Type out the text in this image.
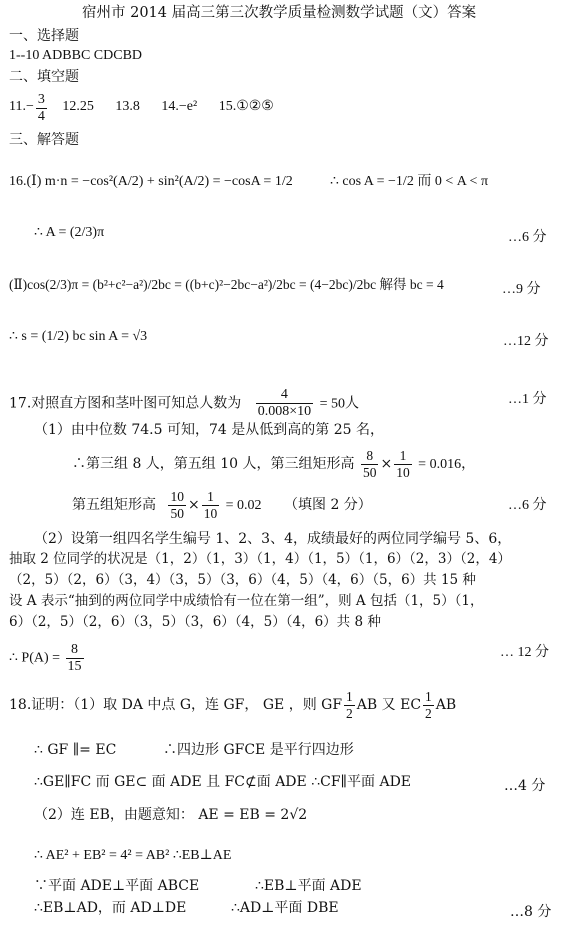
宿州市 2014 届高三第三次教学质量检测数学试题（文）答案
一、选择题
1--10 ADBBC CDCBD
二、填空题
$11.- \frac{3}{4} 12.25$ 13.8 14.−e² 15.①②⑤
三、解答题
16.(Ⅰ) m·n = −cos²(A/2) + sin²(A/2) = −cosA = 1/2	∴ cos A = −1/2 而 0 < A < π
∴ A = (2/3)π	…6 分
(Ⅱ)cos(2/3)π = (b²+c²−a²)/2bc = ((b+c)²−2bc−a²)/2bc = (4−2bc)/2bc 解得 bc = 4	…9 分
∴ s = (1/2) bc sin A = √3	…12 分
17.对照直方图和茎叶图可知总人数为 $\frac{4}{0.008\times 10} = 50$人	…1 分
（1）由中位数 74.5 可知，74 是从低到高的第 25 名，
∴第三组 8 人，第五组 10 人，第三组矩形高 $\frac{8}{50} \times \frac{1}{10} = 0.016$，
第五组矩形高 $\frac{10}{50} \times \frac{1}{10} = 0.02$ （填图 2 分）	…6 分
（2）设第一组四名学生编号 1、2、3、4，成绩最好的两位同学编号 5、6，
抽取 2 位同学的状况是（1，2）（1，3）（1，4）（1，5）（1，6）（2，3）（2，4）
（2，5）（2，6）（3，4）（3，5）（3，6）（4，5）（4，6）（5，6）共 15 种
设 A 表示“抽到的两位同学中成绩恰有一位在第一组”，则 A 包括（1，5）（1，
6）（2，5）（2，6）（3，5）（3，6）（4，5）（4，6）共 8 种
∴ $P(A) = \frac{8}{15}$	… 12 分
18.证明：（1）取 DA 中点 G，连 GF， GE ，则 GF $\frac{1}{2}$ AB 又 EC $\frac{1}{2}$ AB
∴ GF ∥= EC	∴四边形 GFCE 是平行四边形
∴GE∥FC 而 GE⊂ 面 ADE 且 FC⊄面 ADE ∴CF∥平面 ADE	…4 分
（2）连 EB，由题意知： AE = EB = 2√2
∴ AE² + EB² = 4² = AB² ∴EB⊥AE
∵平面 ADE⊥平面 ABCE	∴EB⊥平面 ADE
∴EB⊥AD，而 AD⊥DE	∴AD⊥平面 DBE	…8 分
